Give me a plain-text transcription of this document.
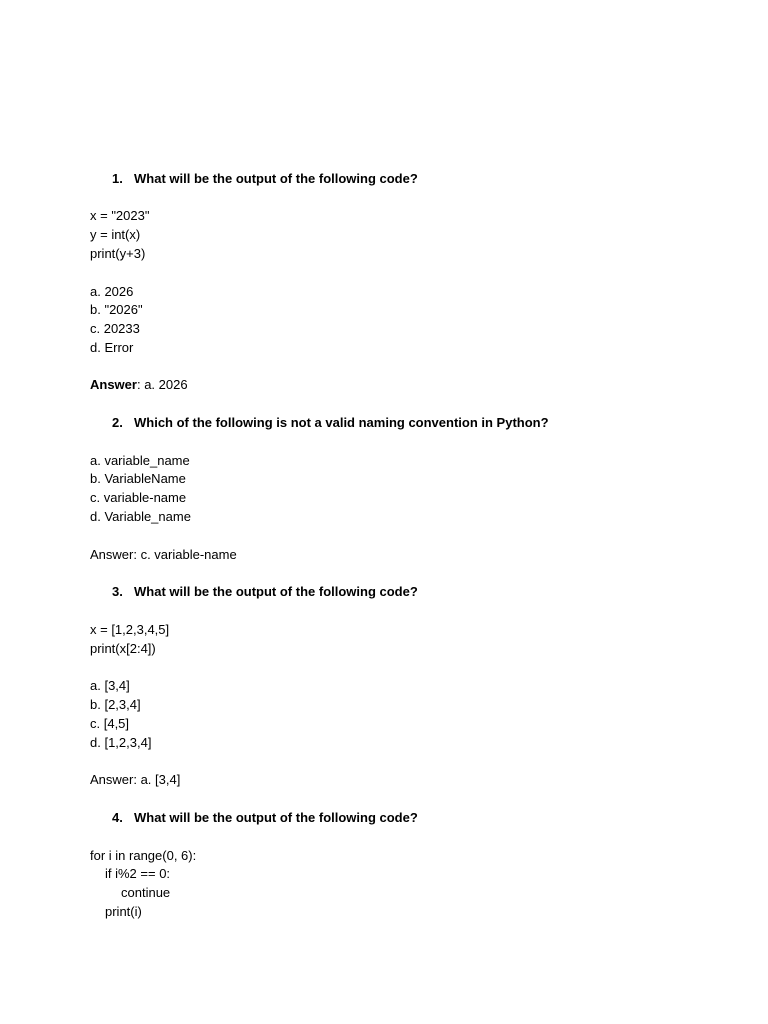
1. What will be the output of the following code?
x = "2023"
y = int(x)
print(y+3)
a. 2026
b. "2026"
c. 20233
d. Error
Answer: a. 2026
2. Which of the following is not a valid naming convention in Python?
a. variable_name
b. VariableName
c. variable-name
d. Variable_name
Answer: c. variable-name
3. What will be the output of the following code?
x = [1,2,3,4,5]
print(x[2:4])
a. [3,4]
b. [2,3,4]
c. [4,5]
d. [1,2,3,4]
Answer: a. [3,4]
4. What will be the output of the following code?
for i in range(0, 6):
if i%2 == 0:
continue
print(i)
